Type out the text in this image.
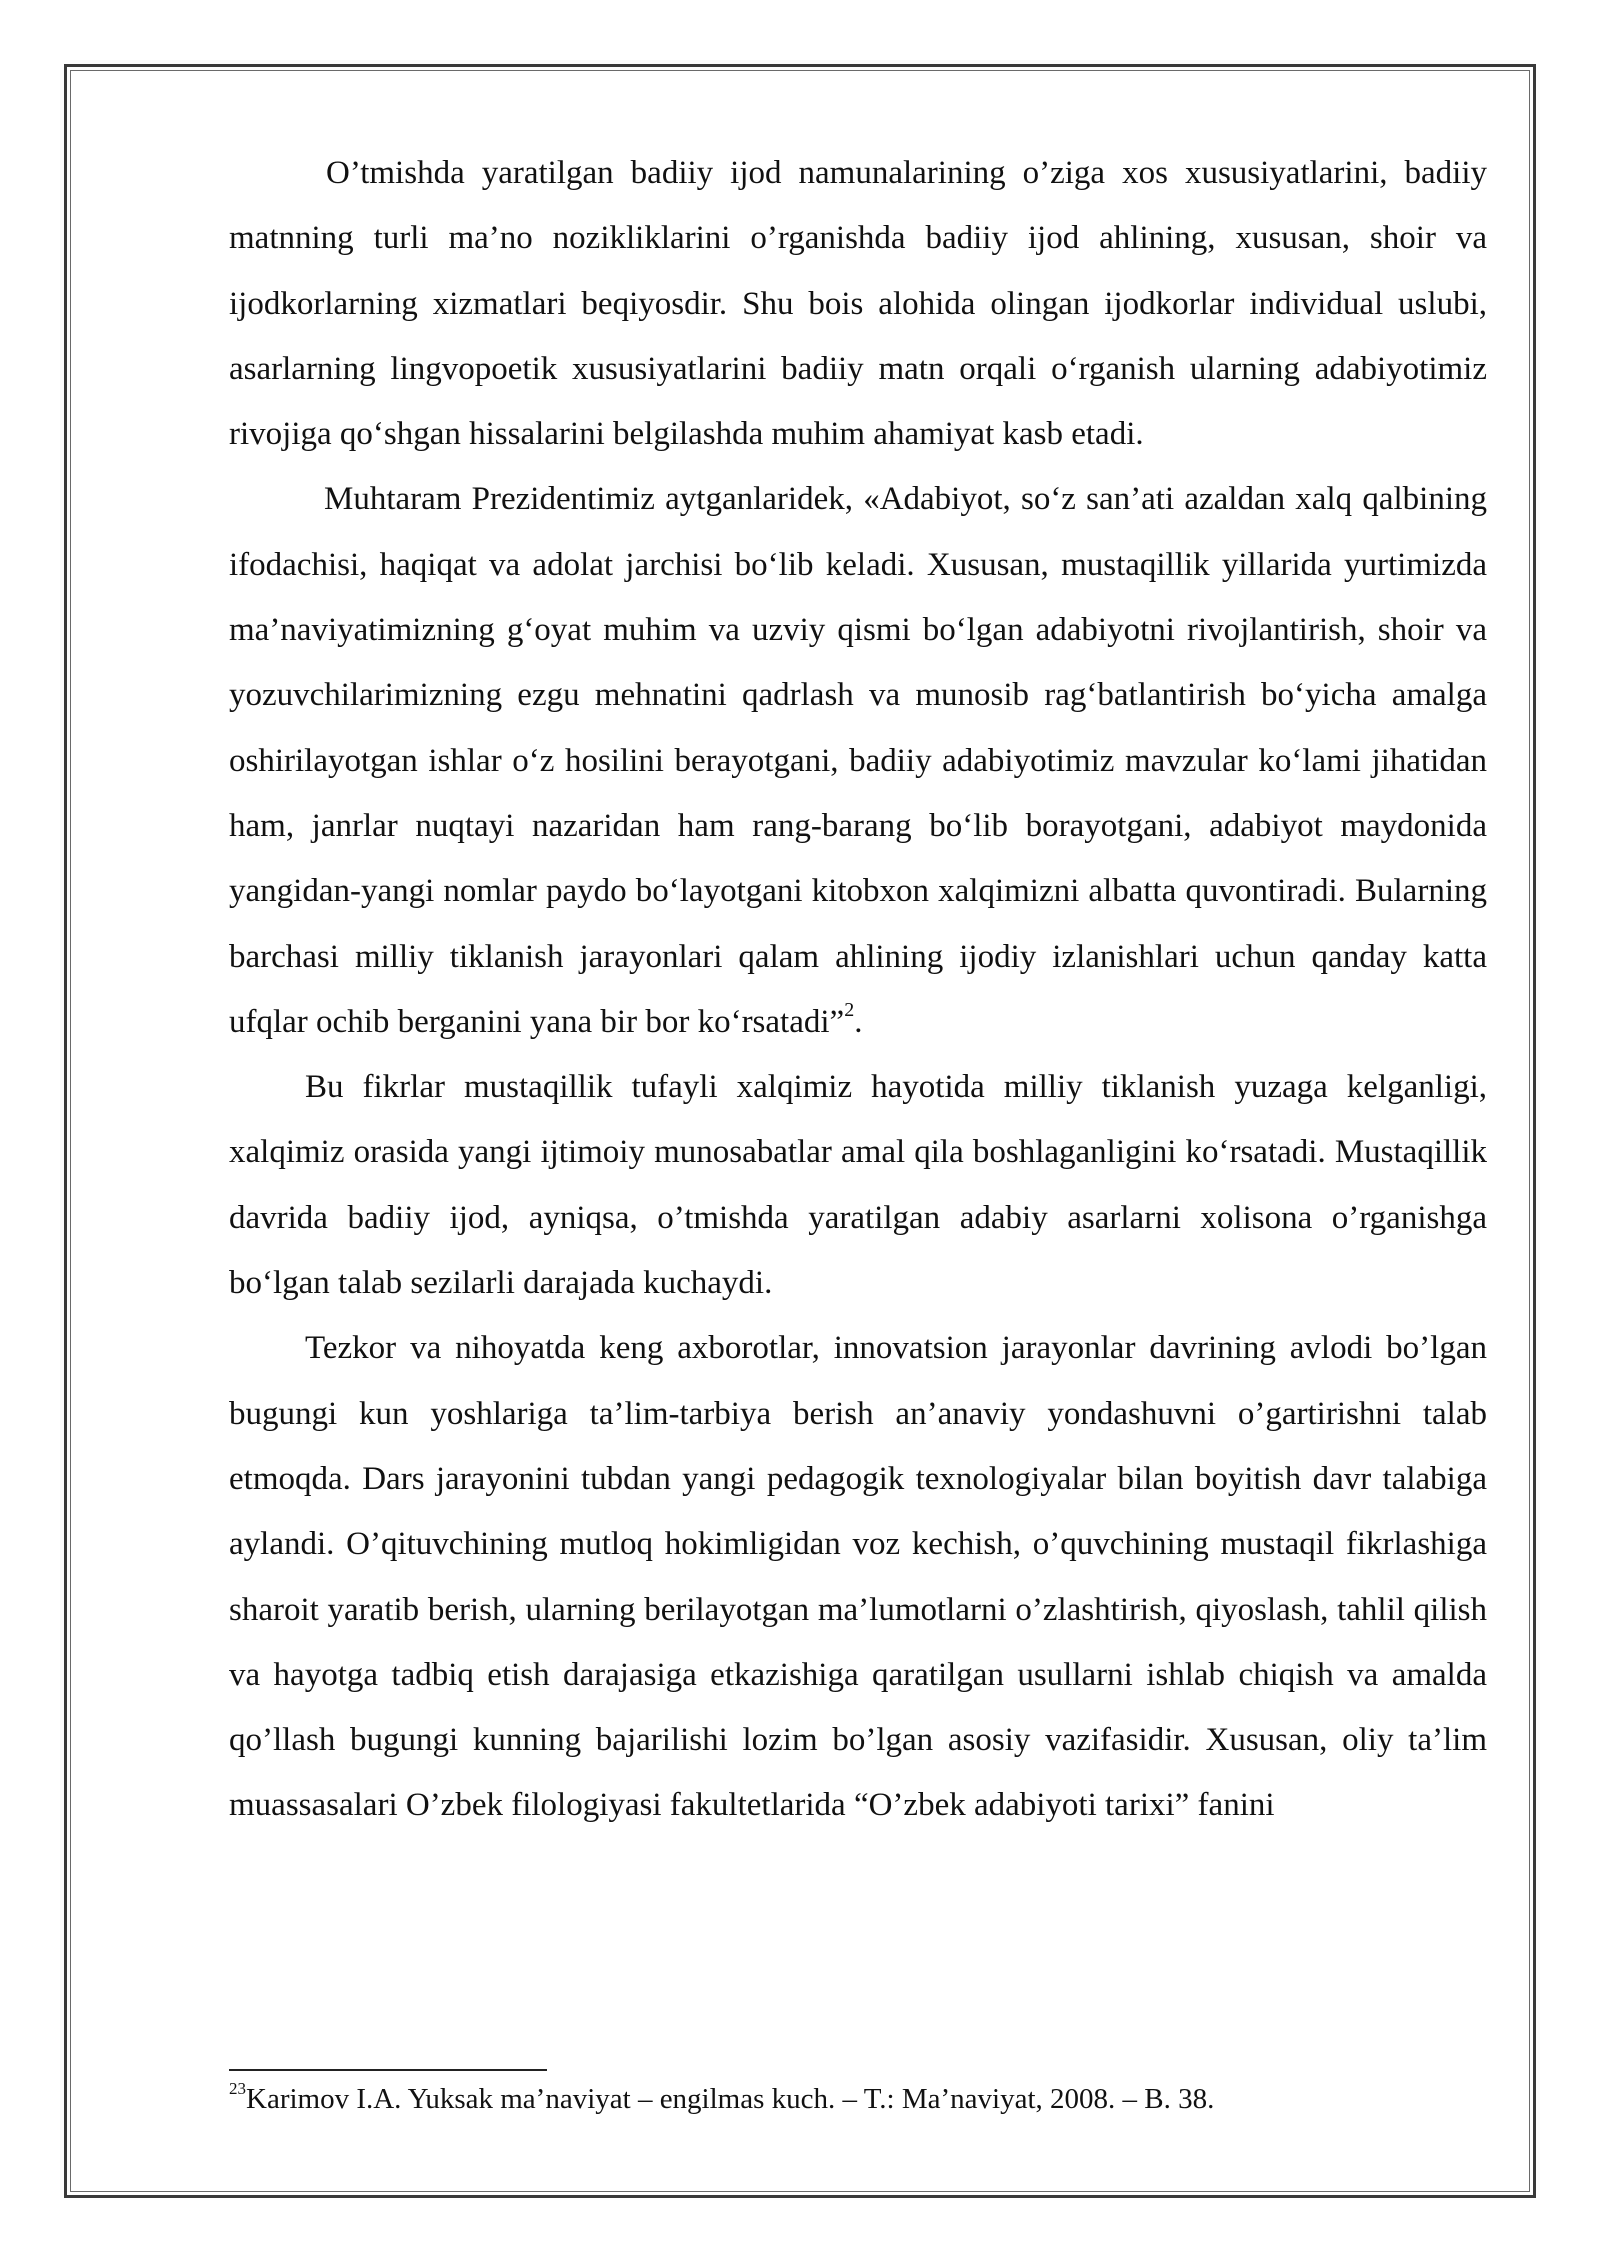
O’tmishda yaratilgan badiiy ijod namunalarining o’ziga xos xususiyatlarini, badiiy matnning turli ma’no nozikliklarini o’rganishda badiiy ijod ahlining, xususan, shoir va ijodkorlarning xizmatlari beqiyosdir. Shu bois alohida olingan ijodkorlar individual uslubi, asarlarning lingvopoetik xususiyatlarini badiiy matn orqali o‘rganish ularning adabiyotimiz rivojiga qo‘shgan hissalarini belgilashda muhim ahamiyat kasb etadi.

Muhtaram Prezidentimiz aytganlaridek, «Adabiyot, so‘z san’ati azaldan xalq qalbining ifodachisi, haqiqat va adolat jarchisi bo‘lib keladi. Xususan, mustaqillik yillarida yurtimizda ma’naviyatimizning g‘oyat muhim va uzviy qismi bo‘lgan adabiyotni rivojlantirish, shoir va yozuvchilarimizning ezgu mehnatini qadrlash va munosib rag‘batlantirish bo‘yicha amalga oshirilayotgan ishlar o‘z hosilini berayotgani, badiiy adabiyotimiz mavzular ko‘lami jihatidan ham, janrlar nuqtayi nazaridan ham rang-barang bo‘lib borayotgani, adabiyot maydonida yangidan-yangi nomlar paydo bo‘layotgani kitobxon xalqimizni albatta quvontiradi. Bularning barchasi milliy tiklanish jarayonlari qalam ahlining ijodiy izlanishlari uchun qanday katta ufqlar ochib berganini yana bir bor ko‘rsatadi”$^2$.

Bu fikrlar mustaqillik tufayli xalqimiz hayotida milliy tiklanish yuzaga kelganligi, xalqimiz orasida yangi ijtimoiy munosabatlar amal qila boshlaganligini ko‘rsatadi. Mustaqillik davrida badiiy ijod, ayniqsa, o’tmishda yaratilgan adabiy asarlarni xolisona o’rganishga bo‘lgan talab sezilarli darajada kuchaydi.

Tezkor va nihoyatda keng axborotlar, innovatsion jarayonlar davrining avlodi bo’lgan bugungi kun yoshlariga ta’lim-tarbiya berish an’anaviy yondashuvni o’gartirishni talab etmoqda. Dars jarayonini tubdan yangi pedagogik texnologiyalar bilan boyitish davr talabiga aylandi. O’qituvchining mutloq hokimligidan voz kechish, o’quvchining mustaqil fikrlashiga sharoit yaratib berish, ularning berilayotgan ma’lumotlarni o’zlashtirish, qiyoslash, tahlil qilish va hayotga tadbiq etish darajasiga etkazishiga qaratilgan usullarni ishlab chiqish va amalda qo’llash bugungi kunning bajarilishi lozim bo’lgan asosiy vazifasidir. Xususan, oliy ta’lim muassasalari O’zbek filologiyasi fakultetlarida “O’zbek adabiyoti tarixi” fanini

$^{23}$Karimov I.A. Yuksak ma’naviyat – engilmas kuch. – T.: Ma’naviyat, 2008. – B. 38.
